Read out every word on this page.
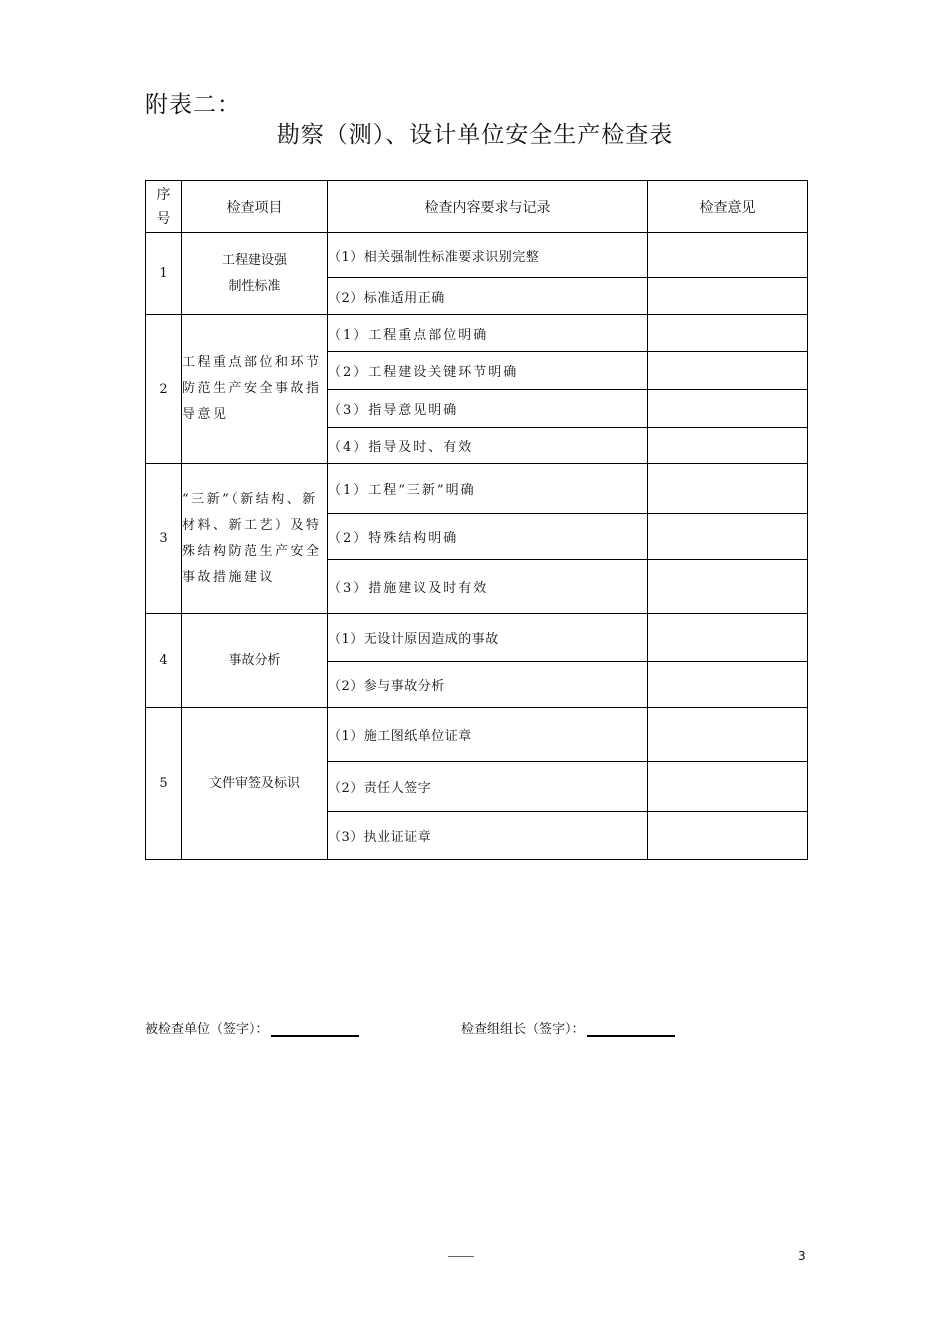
附表二：
勘察（测）、设计单位安全生产检查表
序号	检查项目	检查内容要求与记录	检查意见
1	工程建设强制性标准	（1）相关强制性标准要求识别完整	
		（2）标准适用正确	
2	工程重点部位和环节防范生产安全事故指导意见	（1）工程重点部位明确	
		（2）工程建设关键环节明确	
		（3）指导意见明确	
		（4）指导及时、有效	
3	“三新”（新结构、新材料、新工艺）及特殊结构防范生产安全事故措施建议	（1）工程“三新”明确	
		（2）特殊结构明确	
		（3）措施建议及时有效	
4	事故分析	（1）无设计原因造成的事故	
		（2）参与事故分析	
5	文件审签及标识	（1）施工图纸单位证章	
		（2）责任人签字	
		（3）执业证证章	
被检查单位（签字）：	检查组组长（签字）：
3
